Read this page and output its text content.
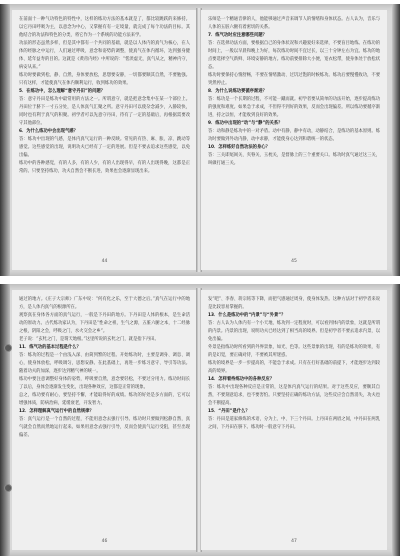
在前面十一种气功特色的特性中，这样的练功方法的基本就是了，都比较跳跃的来修持。以它丹田呼吸为主，以意念为中心，又掌握有有一定境量，就完成了每个功法的目标。其他结合的功法和特色的分类，将它作为一个系统的功能方法来学。

功法的形态虽然多样，但是其中都有一个共同的基础，就是以人体内的真气为核心，在人体的经脉之中运行，人们通过呼吸、意念和姿势的调整，使真气在体内循环，达到强身健体、延年益寿的目的。这就是《黄帝内经》中所说的：“恬淡虚无，真气从之，精神内守，病安从来。”

练功时要做到松、静、自然，身体要放松，思想要安静，一切都要顺其自然，不要勉强。只有这样，才能使真气在体内顺利运行，收到练功的效果。

5．在练功中，怎么理解“意守丹田”的问题？

答：意守丹田是练功中最常用的方法之一。所谓意守，就是把意念集中在某一个部位上。丹田位于脐下一寸五分处，是人体真气汇聚之所。意守丹田可以使杂念减少，入静较快，同时也有利于真气的积聚。初学者可以先意守丹田，待有了一定的基础后，再根据需要改守其他部位。

6．为什么练功中会出现气感？

答：练功中出现的气感，是体内真气运行的一种反映。常见的有热、麻、胀、凉、跳动等感觉。这些感觉的出现，说明功夫已经有了一定的进展。但是不要去追求这些感觉，以免出偏。

练功中的各种感觉，有的人多，有的人少，有的人出现得早，有的人出现得晚，这都是正常的。只要坚持练功，功夫自然会不断长进，效果也会逐渐显现出来。

44

乐师是一个精通音律的人，他能够通过声音来调节人的情绪和身体状态。古人认为，音乐与人体的五脏六腑有着密切的关系。

7．练气功时应注意哪些问题？

答：在选择功法方面，要根据自己的身体状况和兴趣爱好来选择，不要盲目地练。在练功的时间上，一般以早晨和晚上为好，每次练功时间不宜过长，以三十分钟左右为宜。练功的地点要选择空气新鲜、环境安静的地方。练功前要排除大小便，宽衣松带，使身体处于放松状态。

练功时要保持心情舒畅，不要在情绪激动、过饥过饱的时候练功。练功后要慢慢收功，不要突然停止。

8．为什么说练功要循序渐进？

答：练功是一个长期的过程，不可能一蹴而就。初学者要从简单的功法开始，逐步提高练功的强度和难度。如果急于求成，不但得不到好的效果，反而会出现偏差。所以练功要循序渐进，持之以恒，才能收到良好的效果。

9．练功中出现的“动”与“静”的关系？

答：动和静是练功中的一对矛盾。动中有静，静中有动，动静结合，是练功的基本原则。练功时要做到外动内静，动中求静，才能使身心达到和谐统一的状态。

10．怎样练好自然功法的身心？

答：三关即尾闾关、夹脊关、玉枕关，是督脉上的三个重要关口。练功时真气通过这三关，叫做打通三关。

45

通过的地方。《庄子大宗师》广东中说：“何有化之乐，至于大德之后。”真气在运行中的地方，是人体内真气的根源所在。

观察真在身体各方面的真气运行，一般是下丹田的地方。下丹田是人体的根本，是生命活动的原动力。古代练功家认为，下丹田是“性命之祖，生气之源，五脏六腑之本，十二经脉之根，阴阳之会，呼吸之门，水火交会之乡”。

老子说：“玄牝之门，是谓天地根。”这里所说的玄牝之门，就是指下丹田。

11．练气功的基本过程是什么？

答：练功的过程是一个由浅入深、由简到繁的过程。开始练功时，主要是调身、调息、调心，使身体放松，呼吸调匀，思想安静。在此基础上，再进一步练习意守、导引等功法。随着功夫的加深，逐步达到精气神的统一。

练功中要注意调整好身体的姿势，呼吸要自然，意念要轻松，不要过分用力。练功时间长了以后，身体会逐渐发生变化，出现各种效应，这都是正常的现象。

总之，练功要有耐心，要坚持不懈，才能取得好的成绩。练功的好处是多方面的，它可以增强体质，防病治病，延缓衰老，开发智力。

12．怎样理解真气运行中的自然规律？

答：真气运行是一个自然的过程，不能用意念去强行引导。练功时只要做到松静自然，真气就会自然而然地运行起来。如果用意念去强行引导，反而会使真气运行受阻，甚至出现偏差。

46

发“吧”、李春、蒋宗铭等下降，而把气感通过周身，使身体发热。这种方法对于初学者来说是比较容易掌握的。

13．什么是练功中的“内景”与“外景”？

答：古人认为人体内有一个小天地，练功到一定程度时，可以看到体内的景象，这就是所谓的内景。内景的出现，说明功夫已经达到了相当高的境界。但是初学者不要去追求内景，以免出偏。

外景是指练功时所看到的外界景象，如光、色等。这些景象的出现，有的是练功的效果，有的是幻觉，要正确对待，不要被其所迷惑。

练功的境界是一步一步提高的，不能急于求成。只有在打好基础的前提下，才能逐步达到较高的境界。

14．怎样看待练功中的各种反应？

答：练功中出现各种反应是正常的，这是体内真气运行的结果。对于这些反应，要顺其自然，不要刻意追求，也不要害怕。只要坚持正确的练功方法，这些反应会自然消失，功夫也会不断提高。

15．“丹田”是什么？

答：丹田是道家修炼的术语，分为上、中、下三个丹田。上丹田在两眉之间，中丹田在两乳之间，下丹田在脐下。练功时一般意守下丹田。

47
